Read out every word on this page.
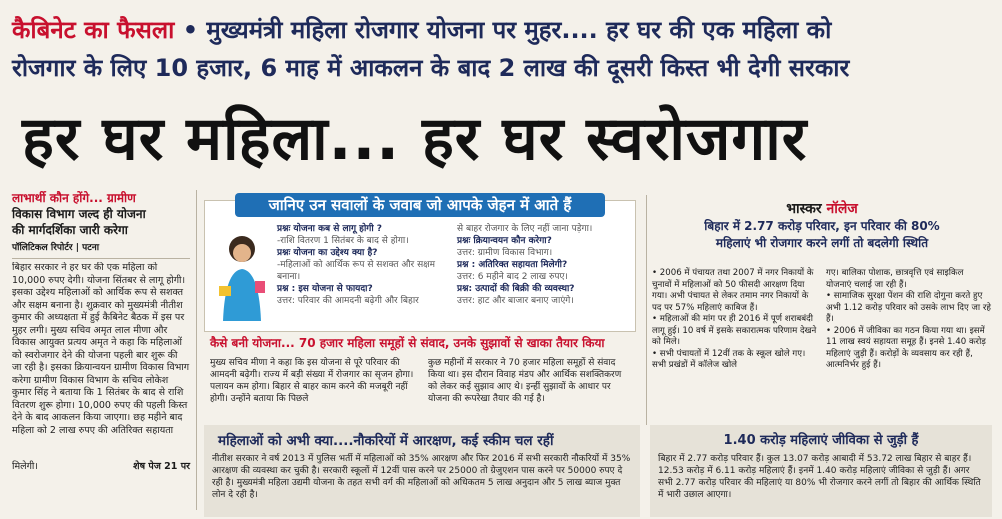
कैबिनेट का फैसला • मुख्यमंत्री महिला रोजगार योजना पर मुहर.... हर घर की एक महिला को
रोजगार के लिए 10 हजार, 6 माह में आकलन के बाद 2 लाख की दूसरी किस्त भी देगी सरकार
हर घर महिला... हर घर स्वरोजगार
लाभार्थी कौन होंगे... ग्रामीण
विकास विभाग जल्द ही योजना
की मार्गदर्शिका जारी करेगा
पॉलिटिकल रिपोर्टर | पटना
बिहार सरकार ने हर घर की एक महिला को 10,000 रुपए देगी। योजना सिंतबर से लागू होगी। इसका उद्देश्य महिलाओं को आर्थिक रूप से सशक्त और सक्षम बनाना है। शुक्रवार को मुख्यमंत्री नीतीश कुमार की अध्यक्षता में हुई कैबिनेट बैठक में इस पर मुहर लगी। मुख्य सचिव अमृत लाल मीणा और विकास आयुक्त प्रत्यय अमृत ने कहा कि महिलाओं को स्वरोजगार देने की योजना पहली बार शुरू की जा रही है। इसका क्रियान्वयन ग्रामीण विकास विभाग करेगा ग्रामीण विकास विभाग के सचिव लोकेश कुमार सिंह ने बताया कि 1 सितंबर के बाद से राशि वितरण शुरू होगा। 10,000 रुपए की पहली किस्त देने के बाद आकलन किया जाएगा। छह महीने बाद महिला को 2 लाख रुपए की अतिरिक्त सहायता
मिलेगी।	शेष पेज 21 पर
जानिए उन सवालों के जवाब जो आपके जेहन में आते हैं
प्रश्नः योजना कब से लागू होगी ?
-राशि वितरण 1 सितंबर के बाद से होगा।
प्रश्नः योजना का उद्देश्य क्या है?
-महिलाओं को आर्थिक रूप से सशक्त और सक्षम बनाना।
प्रश्न : इस योजना से फायदा?
उत्तर: परिवार की आमदनी बढ़ेगी और बिहार
से बाहर रोजगार के लिए नहीं जाना पड़ेगा।
प्रश्नः क्रियान्वयन कौन करेगा?
उत्तर: ग्रामीण विकास विभाग।
प्रश्न : अतिरिक्त सहायता मिलेगी?
उत्तर: 6 महीने बाद 2 लाख रुपए।
प्रश्न: उत्पादों की बिक्री की व्यवस्था?
उत्तर: हाट और बाजार बनाए जाएंगे।
कैसे बनी योजना... 70 हजार महिला समूहों से संवाद, उनके सुझावों से खाका तैयार किया
मुख्य सचिव मीणा ने कहा कि इस योजना से पूरे परिवार की आमदनी बढ़ेगी। राज्य में बड़ी संख्या में रोजगार का सृजन होगा। पलायन कम होगा। बिहार से बाहर काम करने की मजबूरी नहीं होगी। उन्होंने बताया कि पिछले
कुछ महीनों में सरकार ने 70 हजार महिला समूहों से संवाद किया था। इस दौरान विवाह मंडप और आर्थिक सशक्तिकरण को लेकर कई सुझाव आए थे। इन्हीं सुझावों के आधार पर योजना की रूपरेखा तैयार की गई है।
भास्कर नॉलेज
बिहार में 2.77 करोड़ परिवार, इन परिवार की 80%
महिलाएं भी रोजगार करने लगीं तो बदलेगी स्थिति
• 2006 में पंचायत तथा 2007 में नगर निकायों के चुनावों में महिलाओं को 50 फीसदी आरक्षण दिया गया। अभी पंचायत से लेकर तमाम नगर निकायों के पद पर 57% महिलाएं काबिज हैं।
• महिलाओं की मांग पर ही 2016 में पूर्ण शराबबंदी लागू हुई। 10 वर्ष में इसके सकारात्मक परिणाम देखने को मिले।
• सभी पंचायतों में 12वीं तक के स्कूल खोले गए। सभी प्रखंडों में कॉलेज खोले
गए। बालिका पोशाक, छात्रवृत्ति एवं साइकिल योजनाएं चलाई जा रही हैं।
• सामाजिक सुरक्षा पेंशन की राशि दोगुना करते हुए अभी 1.12 करोड़ परिवार को उसके लाभ दिए जा रहे हैं।
• 2006 में जीविका का गठन किया गया था। इसमें 11 लाख स्वयं सहायता समूह हैं। इनसे 1.40 करोड़ महिलाएं जुड़ी हैं। करोड़ों के व्यवसाय कर रही हैं, आत्मनिर्भर हुई हैं।
महिलाओं को अभी क्या....नौकरियों में आरक्षण, कई स्कीम चल रहीं
नीतीश सरकार ने वर्ष 2013 में पुलिस भर्ती में महिलाओं को 35% आरक्षण और फिर 2016 में सभी सरकारी नौकरियों में 35% आरक्षण की व्यवस्था कर चुकी है। सरकारी स्कूलों में 12वीं पास करने पर 25000 तो ग्रेजुएशन पास करने पर 50000 रुपए दे रही है। मुख्यमंत्री महिला उद्यमी योजना के तहत सभी वर्ग की महिलाओं को अधिकतम 5 लाख अनुदान और 5 लाख ब्याज मुक्त लोन दे रही है।
1.40 करोड़ महिलाएं जीविका से जुड़ी हैं
बिहार में 2.77 करोड़ परिवार हैं। कुल 13.07 करोड़ आबादी में 53.72 लाख बिहार से बाहर हैं। 12.53 करोड़ में 6.11 करोड़ महिलाएं हैं। इनमें 1.40 करोड़ महिलाएं जीविका से जुड़ी हैं। अगर सभी 2.77 करोड़ परिवार की महिलाएं या 80% भी रोजगार करने लगीं तो बिहार की आर्थिक स्थिति में भारी उछाल आएगा।
